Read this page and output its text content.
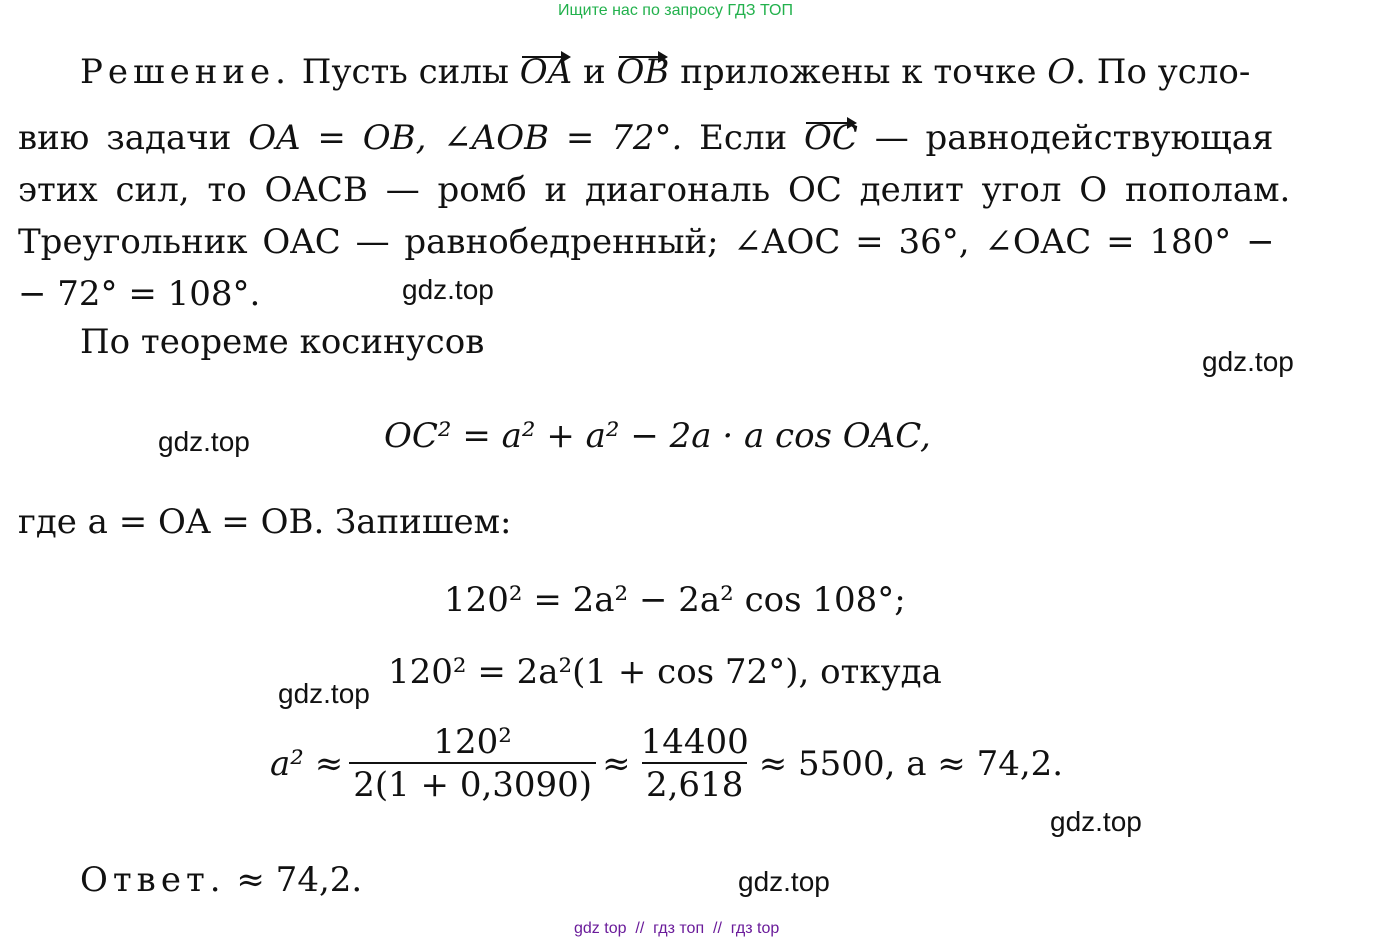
Ищите нас по запросу ГДЗ ТОП
Решение. Пусть силы OA и OB приложены к точке O. По усло-
вию задачи OA = OB, ∠AOB = 72°. Если OC — равнодействующая
этих сил, то OACB — ромб и диагональ OC делит угол O пополам.
Треугольник OAC — равнобедренный; ∠AOC = 36°, ∠OAC = 180° −
− 72° = 108°.
По теореме косинусов
OC² = a² + a² − 2a · a cos OAC,
где a = OA = OB. Запишем:
120² = 2a² − 2a² cos 108°;
120² = 2a²(1 + cos 72°), откуда
$a^2 \approx \frac{\text{120²}}{2(1 + 0,3090)} \approx \frac{14400}{2,618} \approx 5500$, a ≈ 74,2.
Ответ. ≈ 74,2.
gdz.top
gdz.top
gdz.top
gdz.top
gdz.top
gdz.top
gdz top  //  гдз топ  //  гдз top
